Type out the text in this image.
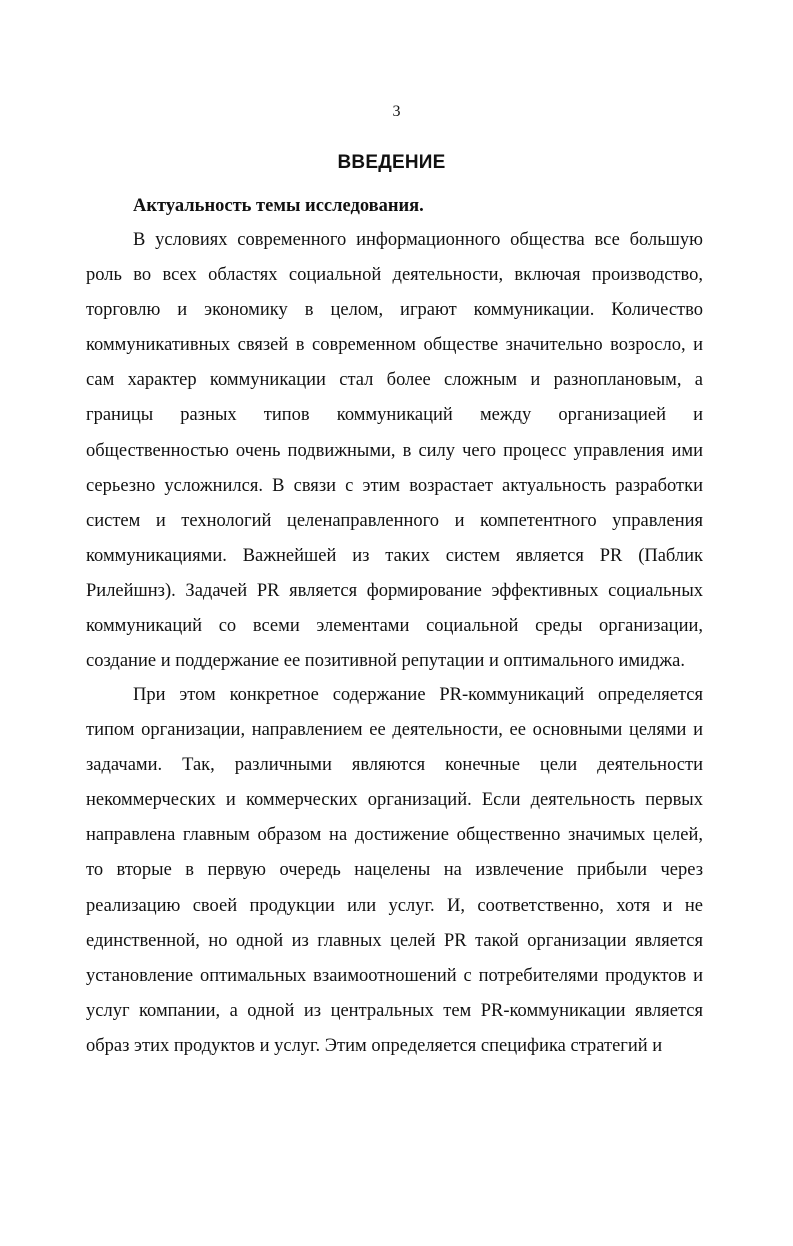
3
ВВЕДЕНИЕ
Актуальность темы исследования.

В условиях современного информационного общества все большую роль во всех областях социальной деятельности, включая производство, торговлю и экономику в целом, играют коммуникации. Количество коммуникативных связей в современном обществе значительно возросло, и сам характер коммуникации стал более сложным и разноплановым, а границы разных типов коммуникаций между организацией и общественностью очень подвижными, в силу чего процесс управления ими серьезно усложнился. В связи с этим возрастает актуальность разработки систем и технологий целенаправленного и компетентного управления коммуникациями. Важнейшей из таких систем является PR (Паблик Рилейшнз). Задачей PR является формирование эффективных социальных коммуникаций со всеми элементами социальной среды организации, создание и поддержание ее позитивной репутации и оптимального имиджа.

При этом конкретное содержание PR-коммуникаций определяется типом организации, направлением ее деятельности, ее основными целями и задачами. Так, различными являются конечные цели деятельности некоммерческих и коммерческих организаций. Если деятельность первых направлена главным образом на достижение общественно значимых целей, то вторые в первую очередь нацелены на извлечение прибыли через реализацию своей продукции или услуг. И, соответственно, хотя и не единственной, но одной из главных целей PR такой организации является установление оптимальных взаимоотношений с потребителями продуктов и услуг компании, а одной из центральных тем PR-коммуникации является образ этих продуктов и услуг. Этим определяется специфика стратегий и
